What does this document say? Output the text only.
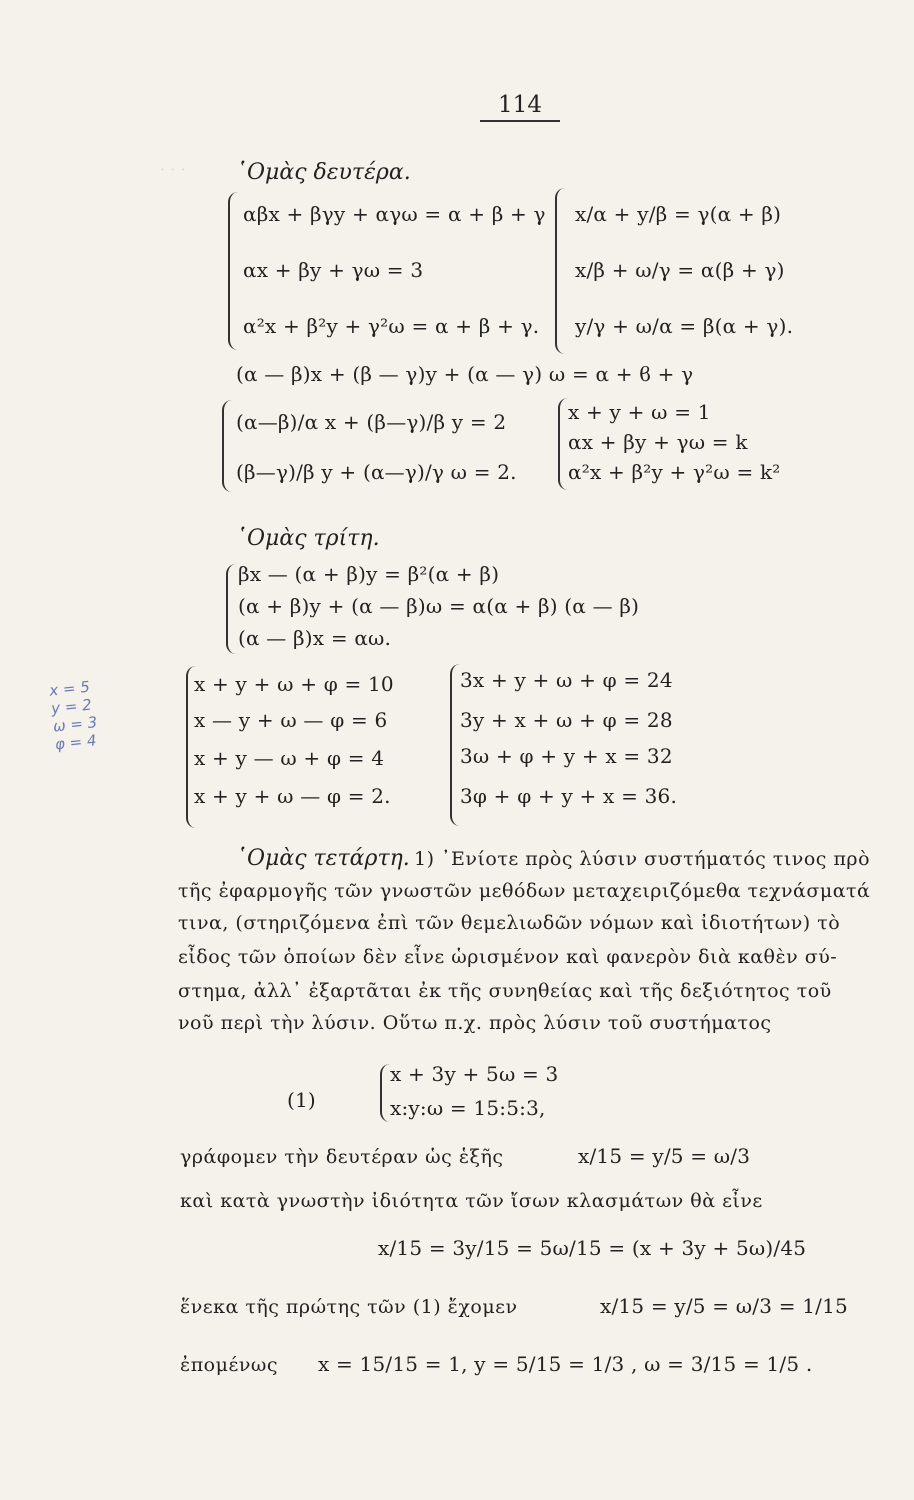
· · ·
114
῾Ομὰς δευτέρα.
αβx + βγy + αγω = α + β + γ
αx + βy + γω = 3
α²x + β²y + γ²ω = α + β + γ.
x/α + y/β = γ(α + β)
x/β + ω/γ = α(β + γ)
y/γ + ω/α = β(α + γ).
(α — β)x + (β — γ)y + (α — γ) ω = α + ϐ + γ
(α—β)/α x + (β—γ)/β y = 2
(β—γ)/β y + (α—γ)/γ ω = 2.
x + y + ω = 1
αx + βy + γω = k
α²x + β²y + γ²ω = k²
῾Ομὰς τρίτη.
βx — (α + β)y = β²(α + β)
(α + β)y + (α — β)ω = α(α + β) (α — β)
(α — β)x = αω.
x + y + ω + φ = 10
x — y + ω — φ = 6
x + y — ω + φ = 4
x + y + ω — φ = 2.
3x + y + ω + φ = 24
3y + x + ω + φ = 28
3ω + φ + y + x = 32
3φ + φ + y + x = 36.
x = 5
y = 2
ω = 3
φ = 4
῾Ομὰς τετάρτη. 1) ᾿Ενίοτε πρὸς λύσιν συστήματός τινος πρὸ
τῆς ἐφαρμογῆς τῶν γνωστῶν μεθόδων μεταχειριζόμεθα τεχνάσματά
τινα, (στηριζόμενα ἐπὶ τῶν θεμελιωδῶν νόμων καὶ ἰδιοτήτων) τὸ
εἶδος τῶν ὁποίων δὲν εἶνε ὡρισμένον καὶ φανερὸν διὰ καθὲν σύ-
στημα, ἀλλ᾿ ἐξαρτᾶται ἐκ τῆς συνηθείας καὶ τῆς δεξιότητος τοῦ
νοῦ περὶ τὴν λύσιν. Οὕτω π.χ. πρὸς λύσιν τοῦ συστήματος
(1)
x + 3y + 5ω = 3
x:y:ω = 15:5:3,
γράφομεν τὴν δευτέραν ὡς ἑξῆς	x/15 = y/5 = ω/3
καὶ κατὰ γνωστὴν ἰδιότητα τῶν ἴσων κλασμάτων θὰ εἶνε
x/15 = 3y/15 = 5ω/15 = (x + 3y + 5ω)/45
ἕνεκα τῆς πρώτης τῶν (1) ἔχομεν	x/15 = y/5 = ω/3 = 1/15
ἐπομένως x = 15/15 = 1, y = 5/15 = 1/3 , ω = 3/15 = 1/5 .
